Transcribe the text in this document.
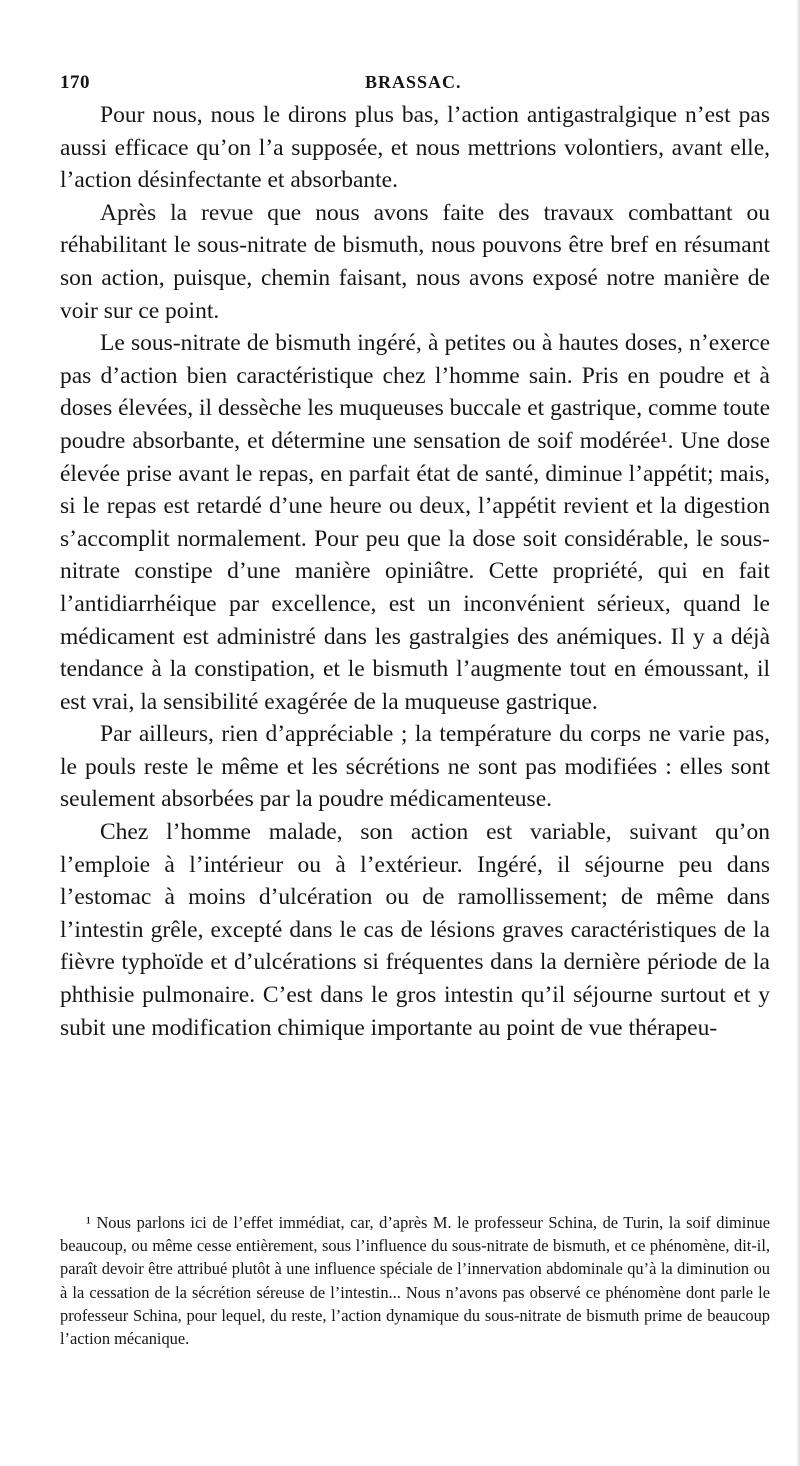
170	BRASSAC.

Pour nous, nous le dirons plus bas, l’action antigastralgique n’est pas aussi efficace qu’on l’a supposée, et nous mettrions volontiers, avant elle, l’action désinfectante et absorbante.

Après la revue que nous avons faite des travaux combattant ou réhabilitant le sous-nitrate de bismuth, nous pouvons être bref en résumant son action, puisque, chemin faisant, nous avons exposé notre manière de voir sur ce point.

Le sous-nitrate de bismuth ingéré, à petites ou à hautes doses, n’exerce pas d’action bien caractéristique chez l’homme sain. Pris en poudre et à doses élevées, il dessèche les muqueuses buccale et gastrique, comme toute poudre absorbante, et détermine une sensation de soif modérée¹. Une dose élevée prise avant le repas, en parfait état de santé, diminue l’appétit; mais, si le repas est retardé d’une heure ou deux, l’appétit revient et la digestion s’accomplit normalement. Pour peu que la dose soit considérable, le sous-nitrate constipe d’une manière opiniâtre. Cette propriété, qui en fait l’antidiarrhéique par excellence, est un inconvénient sérieux, quand le médicament est administré dans les gastralgies des anémiques. Il y a déjà tendance à la constipation, et le bismuth l’augmente tout en émoussant, il est vrai, la sensibilité exagérée de la muqueuse gastrique.

Par ailleurs, rien d’appréciable ; la température du corps ne varie pas, le pouls reste le même et les sécrétions ne sont pas modifiées : elles sont seulement absorbées par la poudre médicamenteuse.

Chez l’homme malade, son action est variable, suivant qu’on l’emploie à l’intérieur ou à l’extérieur. Ingéré, il séjourne peu dans l’estomac à moins d’ulcération ou de ramollissement; de même dans l’intestin grêle, excepté dans le cas de lésions graves caractéristiques de la fièvre typhoïde et d’ulcérations si fréquentes dans la dernière période de la phthisie pulmonaire. C’est dans le gros intestin qu’il séjourne surtout et y subit une modification chimique importante au point de vue thérapeu-

¹ Nous parlons ici de l’effet immédiat, car, d’après M. le professeur Schina, de Turin, la soif diminue beaucoup, ou même cesse entièrement, sous l’influence du sous-nitrate de bismuth, et ce phénomène, dit-il, paraît devoir être attribué plutôt à une influence spéciale de l’innervation abdominale qu’à la diminution ou à la cessation de la sécrétion séreuse de l’intestin... Nous n’avons pas observé ce phénomène dont parle le professeur Schina, pour lequel, du reste, l’action dynamique du sous-nitrate de bismuth prime de beaucoup l’action mécanique.
